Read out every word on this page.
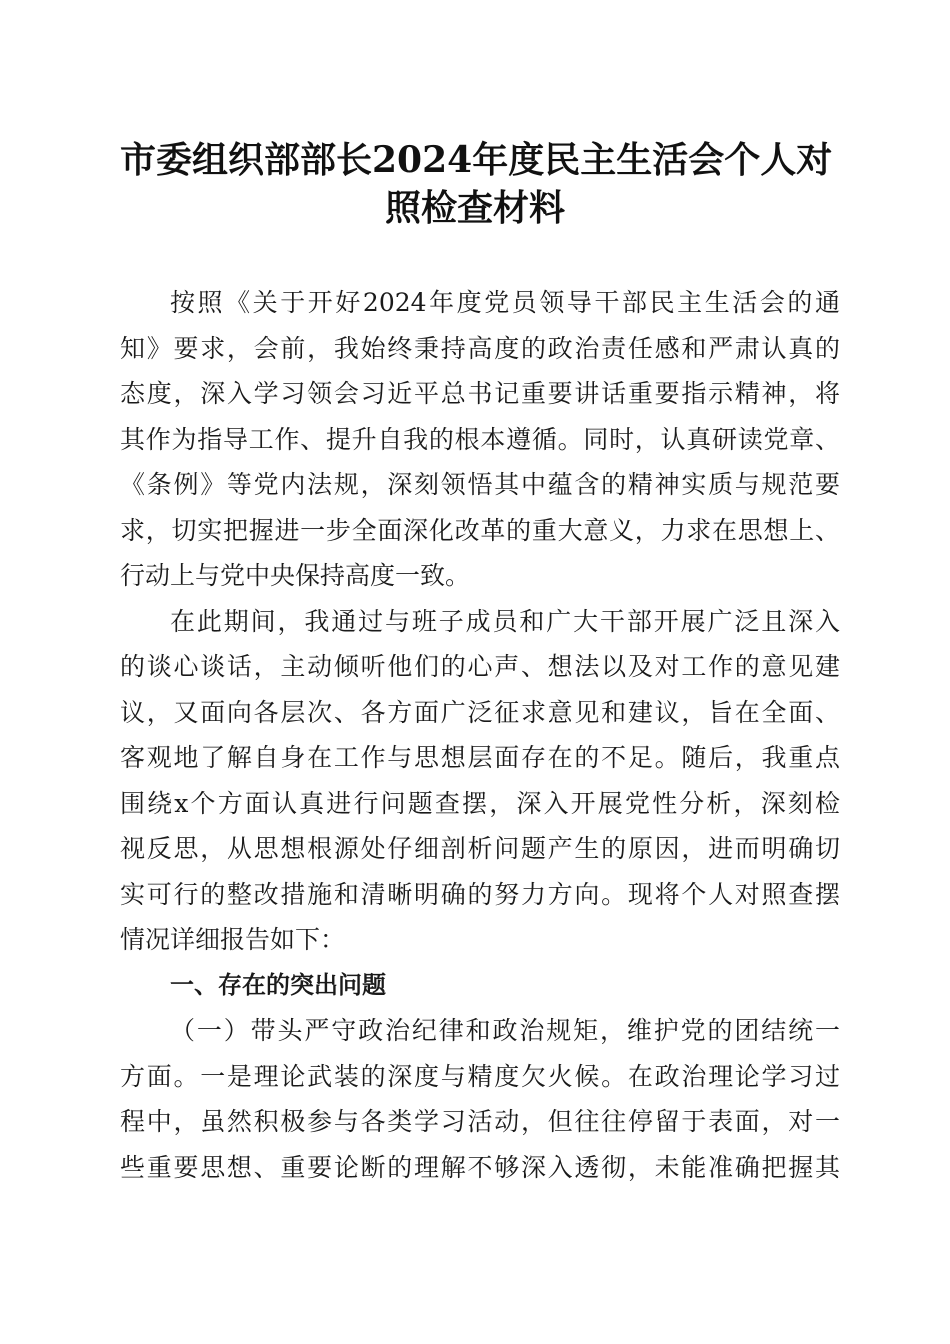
市委组织部部长2024年度民主生活会个人对
照检查材料
按照《关于开好2024年度党员领导干部民主生活会的通
知》要求，会前，我始终秉持高度的政治责任感和严肃认真的
态度，深入学习领会习近平总书记重要讲话重要指示精神，将
其作为指导工作、提升自我的根本遵循。同时，认真研读党章、
《条例》等党内法规，深刻领悟其中蕴含的精神实质与规范要
求，切实把握进一步全面深化改革的重大意义，力求在思想上、
行动上与党中央保持高度一致。
在此期间，我通过与班子成员和广大干部开展广泛且深入
的谈心谈话，主动倾听他们的心声、想法以及对工作的意见建
议，又面向各层次、各方面广泛征求意见和建议，旨在全面、
客观地了解自身在工作与思想层面存在的不足。随后，我重点
围绕x个方面认真进行问题查摆，深入开展党性分析，深刻检
视反思，从思想根源处仔细剖析问题产生的原因，进而明确切
实可行的整改措施和清晰明确的努力方向。现将个人对照查摆
情况详细报告如下：
一、存在的突出问题
（一）带头严守政治纪律和政治规矩，维护党的团结统一
方面。一是理论武装的深度与精度欠火候。在政治理论学习过
程中，虽然积极参与各类学习活动，但往往停留于表面，对一
些重要思想、重要论断的理解不够深入透彻，未能准确把握其
